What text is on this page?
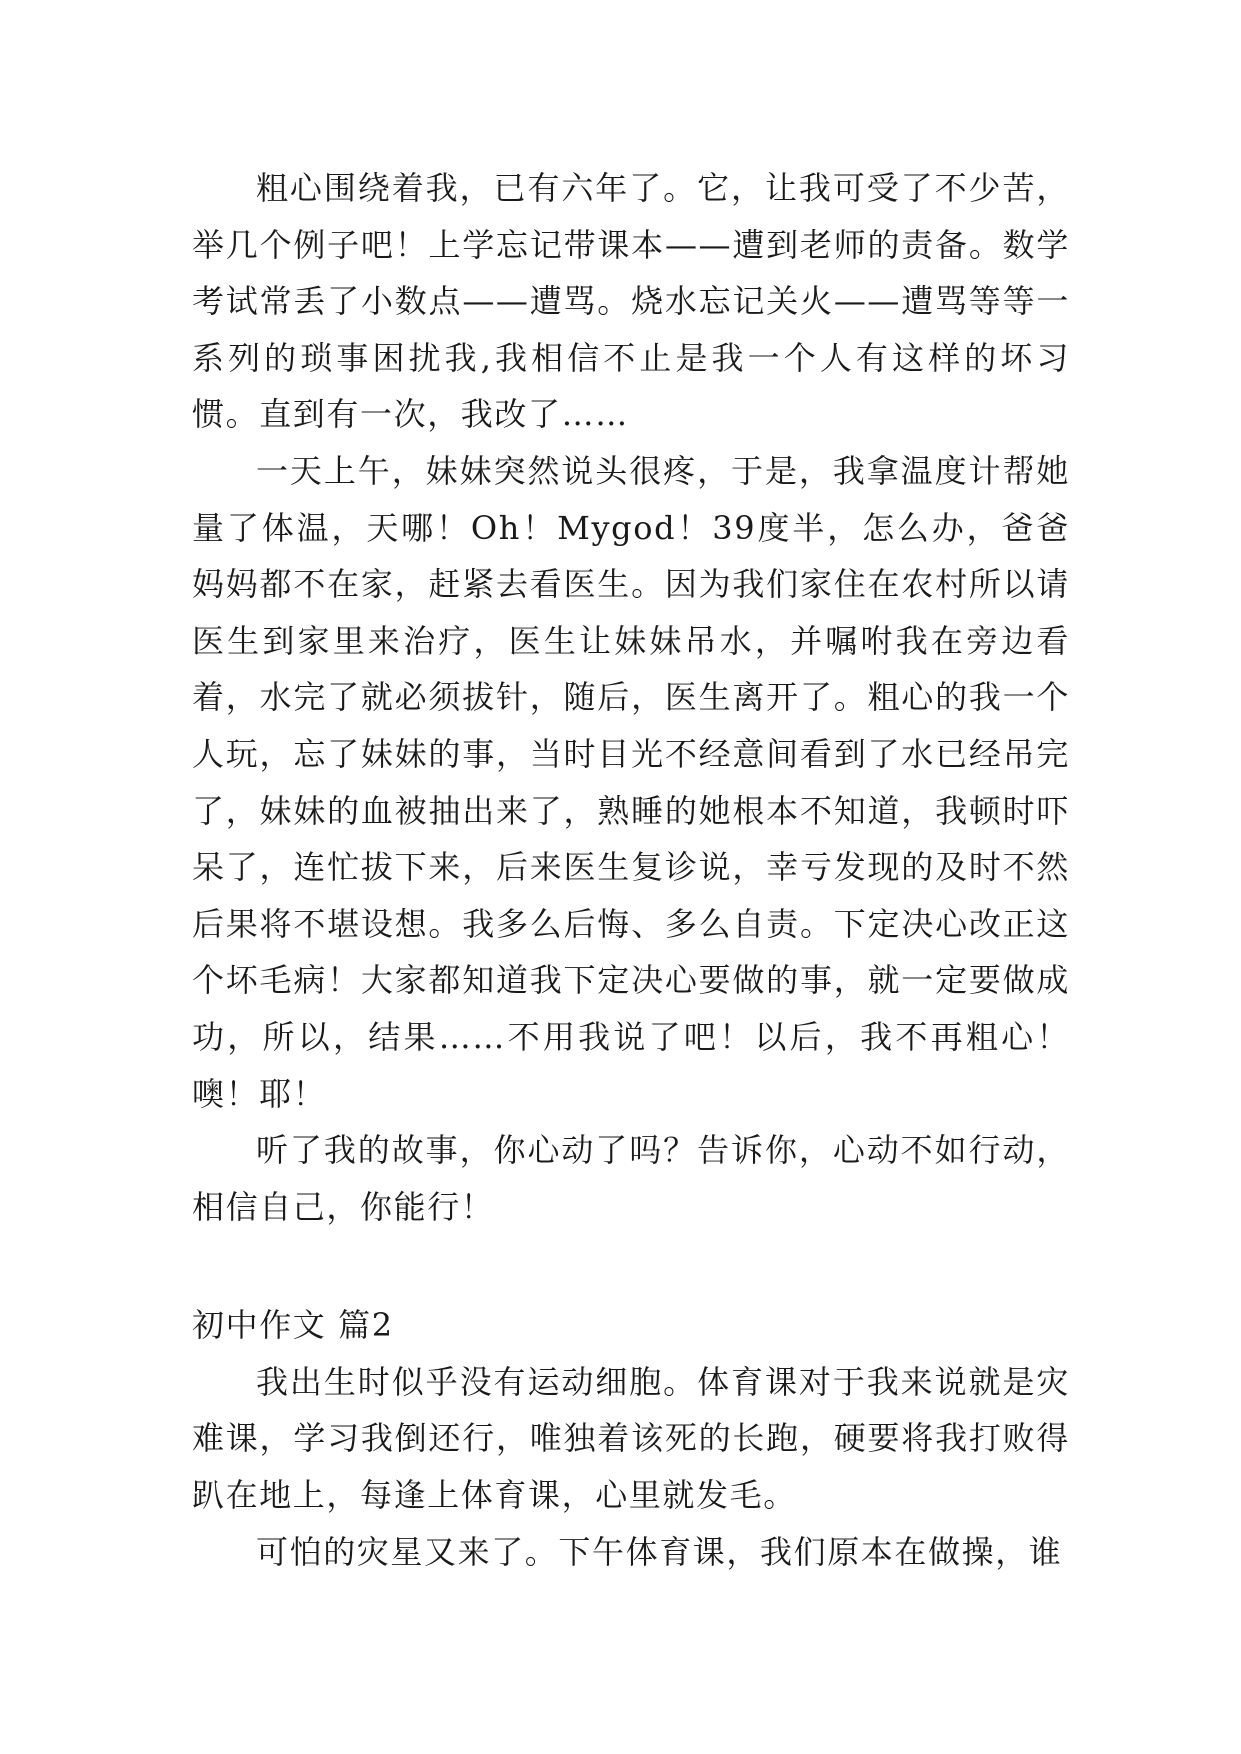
粗心围绕着我，已有六年了。它，让我可受了不少苦，举几个例子吧！上学忘记带课本——遭到老师的责备。数学考试常丢了小数点——遭骂。烧水忘记关火——遭骂等等一系列的琐事困扰我,我相信不止是我一个人有这样的坏习惯。直到有一次，我改了……

一天上午，妹妹突然说头很疼，于是，我拿温度计帮她量了体温，天哪！Oh！Mygod！39度半，怎么办，爸爸妈妈都不在家，赶紧去看医生。因为我们家住在农村所以请医生到家里来治疗，医生让妹妹吊水，并嘱咐我在旁边看着，水完了就必须拔针，随后，医生离开了。粗心的我一个人玩，忘了妹妹的事，当时目光不经意间看到了水已经吊完了，妹妹的血被抽出来了，熟睡的她根本不知道，我顿时吓呆了，连忙拔下来，后来医生复诊说，幸亏发现的及时不然后果将不堪设想。我多么后悔、多么自责。下定决心改正这个坏毛病！大家都知道我下定决心要做的事，就一定要做成功，所以，结果……不用我说了吧！以后，我不再粗心！噢！耶！

听了我的故事，你心动了吗？告诉你，心动不如行动，相信自己，你能行！

初中作文 篇2

我出生时似乎没有运动细胞。体育课对于我来说就是灾难课，学习我倒还行，唯独着该死的长跑，硬要将我打败得趴在地上，每逢上体育课，心里就发毛。

可怕的灾星又来了。下午体育课，我们原本在做操，谁
